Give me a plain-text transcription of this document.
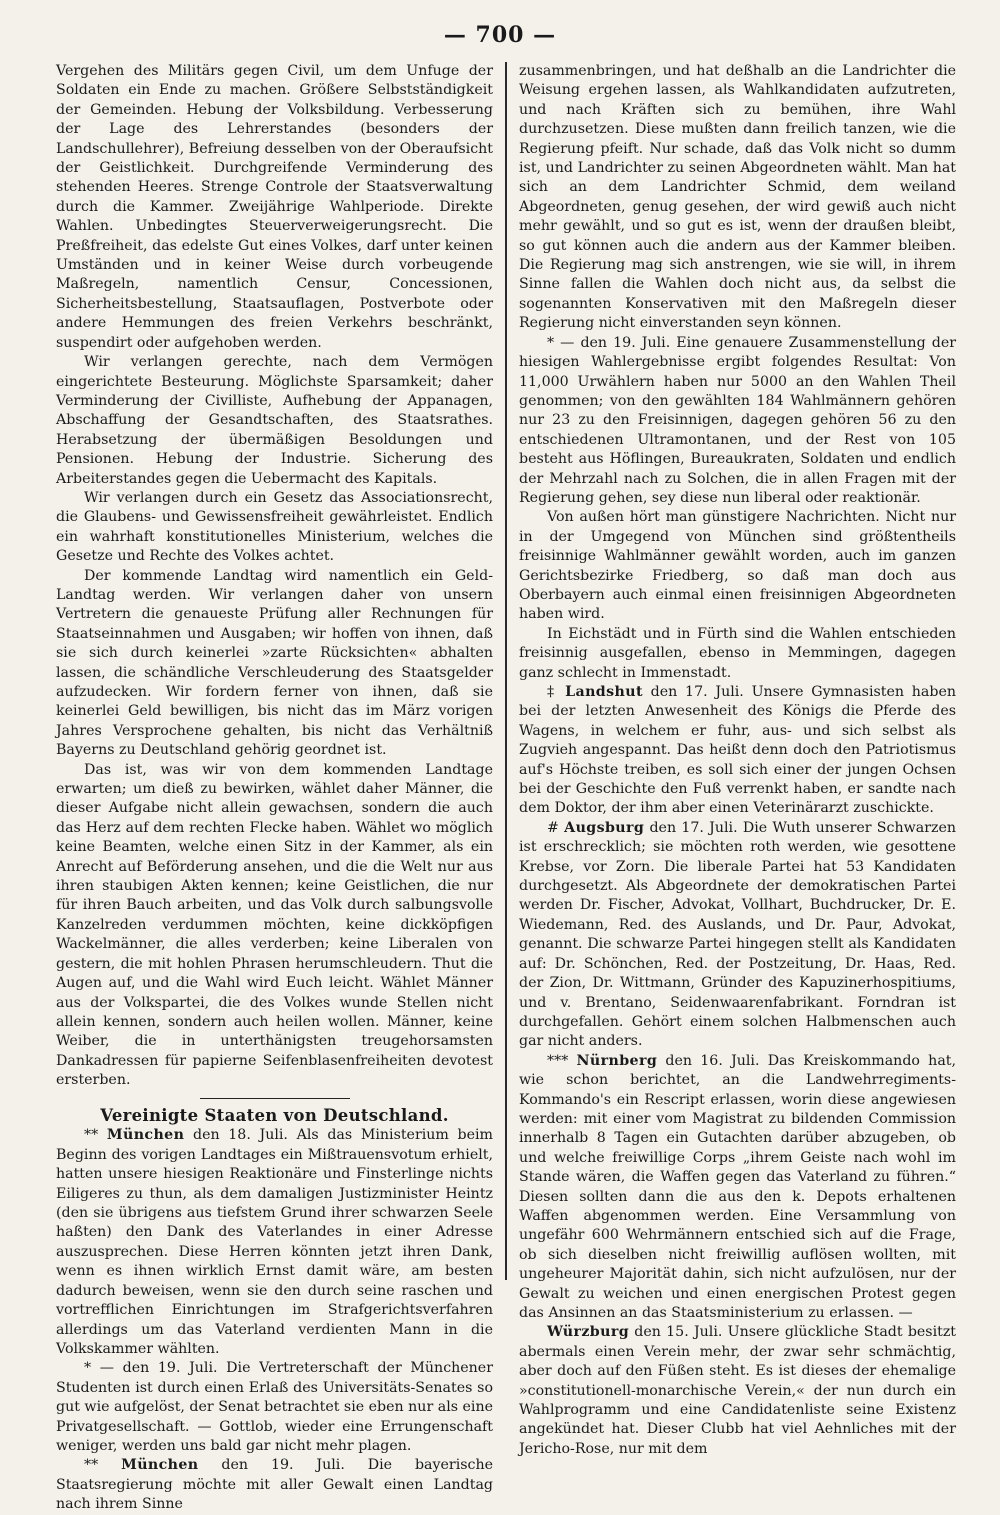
— 700 —

Vergehen des Militärs gegen Civil, um dem Unfuge der Soldaten ein Ende zu machen. Größere Selbstständigkeit der Gemeinden. Hebung der Volksbildung. Verbesserung der Lage des Lehrerstandes (besonders der Landschullehrer), Befreiung desselben von der Oberaufsicht der Geistlichkeit. Durchgreifende Verminderung des stehenden Heeres. Strenge Controle der Staatsverwaltung durch die Kammer. Zweijährige Wahlperiode. Direkte Wahlen. Unbedingtes Steuerverweigerungsrecht. Die Preßfreiheit, das edelste Gut eines Volkes, darf unter keinen Umständen und in keiner Weise durch vorbeugende Maßregeln, namentlich Censur, Concessionen, Sicherheitsbestellung, Staatsauflagen, Postverbote oder andere Hemmungen des freien Verkehrs beschränkt, suspendirt oder aufgehoben werden.

Wir verlangen gerechte, nach dem Vermögen eingerichtete Besteurung. Möglichste Sparsamkeit; daher Verminderung der Civilliste, Aufhebung der Appanagen, Abschaffung der Gesandtschaften, des Staatsrathes. Herabsetzung der übermäßigen Besoldungen und Pensionen. Hebung der Industrie. Sicherung des Arbeiterstandes gegen die Uebermacht des Kapitals.

Wir verlangen durch ein Gesetz das Associationsrecht, die Glaubens- und Gewissensfreiheit gewährleistet. Endlich ein wahrhaft konstitutionelles Ministerium, welches die Gesetze und Rechte des Volkes achtet.

Der kommende Landtag wird namentlich ein Geld-Landtag werden. Wir verlangen daher von unsern Vertretern die genaueste Prüfung aller Rechnungen für Staatseinnahmen und Ausgaben; wir hoffen von ihnen, daß sie sich durch keinerlei »zarte Rücksichten« abhalten lassen, die schändliche Verschleuderung des Staatsgelder aufzudecken. Wir fordern ferner von ihnen, daß sie keinerlei Geld bewilligen, bis nicht das im März vorigen Jahres Versprochene gehalten, bis nicht das Verhältniß Bayerns zu Deutschland gehörig geordnet ist.

Das ist, was wir von dem kommenden Landtage erwarten; um dieß zu bewirken, wählet daher Männer, die dieser Aufgabe nicht allein gewachsen, sondern die auch das Herz auf dem rechten Flecke haben. Wählet wo möglich keine Beamten, welche einen Sitz in der Kammer, als ein Anrecht auf Beförderung ansehen, und die die Welt nur aus ihren staubigen Akten kennen; keine Geistlichen, die nur für ihren Bauch arbeiten, und das Volk durch salbungsvolle Kanzelreden verdummen möchten, keine dickköpfigen Wackelmänner, die alles verderben; keine Liberalen von gestern, die mit hohlen Phrasen herumschleudern. Thut die Augen auf, und die Wahl wird Euch leicht. Wählet Männer aus der Volkspartei, die des Volkes wunde Stellen nicht allein kennen, sondern auch heilen wollen. Männer, keine Weiber, die in unterthänigsten treugehorsamsten Dankadressen für papierne Seifenblasenfreiheiten devotest ersterben.

Vereinigte Staaten von Deutschland.

** München den 18. Juli. Als das Ministerium beim Beginn des vorigen Landtages ein Mißtrauensvotum erhielt, hatten unsere hiesigen Reaktionäre und Finsterlinge nichts Eiligeres zu thun, als dem damaligen Justizminister Heintz (den sie übrigens aus tiefstem Grund ihrer schwarzen Seele haßten) den Dank des Vaterlandes in einer Adresse auszusprechen. Diese Herren könnten jetzt ihren Dank, wenn es ihnen wirklich Ernst damit wäre, am besten dadurch beweisen, wenn sie den durch seine raschen und vortrefflichen Einrichtungen im Strafgerichtsverfahren allerdings um das Vaterland verdienten Mann in die Volkskammer wählten.

* — den 19. Juli. Die Vertreterschaft der Münchener Studenten ist durch einen Erlaß des Universitäts-Senates so gut wie aufgelöst, der Senat betrachtet sie eben nur als eine Privatgesellschaft. — Gottlob, wieder eine Errungenschaft weniger, werden uns bald gar nicht mehr plagen.

** München den 19. Juli. Die bayerische Staatsregierung möchte mit aller Gewalt einen Landtag nach ihrem Sinne

zusammenbringen, und hat deßhalb an die Landrichter die Weisung ergehen lassen, als Wahlkandidaten aufzutreten, und nach Kräften sich zu bemühen, ihre Wahl durchzusetzen. Diese mußten dann freilich tanzen, wie die Regierung pfeift. Nur schade, daß das Volk nicht so dumm ist, und Landrichter zu seinen Abgeordneten wählt. Man hat sich an dem Landrichter Schmid, dem weiland Abgeordneten, genug gesehen, der wird gewiß auch nicht mehr gewählt, und so gut es ist, wenn der draußen bleibt, so gut können auch die andern aus der Kammer bleiben. Die Regierung mag sich anstrengen, wie sie will, in ihrem Sinne fallen die Wahlen doch nicht aus, da selbst die sogenannten Konservativen mit den Maßregeln dieser Regierung nicht einverstanden seyn können.

* — den 19. Juli. Eine genauere Zusammenstellung der hiesigen Wahlergebnisse ergibt folgendes Resultat: Von 11,000 Urwählern haben nur 5000 an den Wahlen Theil genommen; von den gewählten 184 Wahlmännern gehören nur 23 zu den Freisinnigen, dagegen gehören 56 zu den entschiedenen Ultramontanen, und der Rest von 105 besteht aus Höflingen, Bureaukraten, Soldaten und endlich der Mehrzahl nach zu Solchen, die in allen Fragen mit der Regierung gehen, sey diese nun liberal oder reaktionär.

Von außen hört man günstigere Nachrichten. Nicht nur in der Umgegend von München sind größtentheils freisinnige Wahlmänner gewählt worden, auch im ganzen Gerichtsbezirke Friedberg, so daß man doch aus Oberbayern auch einmal einen freisinnigen Abgeordneten haben wird.

In Eichstädt und in Fürth sind die Wahlen entschieden freisinnig ausgefallen, ebenso in Memmingen, dagegen ganz schlecht in Immenstadt.

‡ Landshut den 17. Juli. Unsere Gymnasisten haben bei der letzten Anwesenheit des Königs die Pferde des Wagens, in welchem er fuhr, aus- und sich selbst als Zugvieh angespannt. Das heißt denn doch den Patriotismus auf's Höchste treiben, es soll sich einer der jungen Ochsen bei der Geschichte den Fuß verrenkt haben, er sandte nach dem Doktor, der ihm aber einen Veterinärarzt zuschickte.

# Augsburg den 17. Juli. Die Wuth unserer Schwarzen ist erschrecklich; sie möchten roth werden, wie gesottene Krebse, vor Zorn. Die liberale Partei hat 53 Kandidaten durchgesetzt. Als Abgeordnete der demokratischen Partei werden Dr. Fischer, Advokat, Vollhart, Buchdrucker, Dr. E. Wiedemann, Red. des Auslands, und Dr. Paur, Advokat, genannt. Die schwarze Partei hingegen stellt als Kandidaten auf: Dr. Schönchen, Red. der Postzeitung, Dr. Haas, Red. der Zion, Dr. Wittmann, Gründer des Kapuzinerhospitiums, und v. Brentano, Seidenwaarenfabrikant. Forndran ist durchgefallen. Gehört einem solchen Halbmenschen auch gar nicht anders.

*** Nürnberg den 16. Juli. Das Kreiskommando hat, wie schon berichtet, an die Landwehrregiments-Kommando's ein Rescript erlassen, worin diese angewiesen werden: mit einer vom Magistrat zu bildenden Commission innerhalb 8 Tagen ein Gutachten darüber abzugeben, ob und welche freiwillige Corps „ihrem Geiste nach wohl im Stande wären, die Waffen gegen das Vaterland zu führen.“ Diesen sollten dann die aus den k. Depots erhaltenen Waffen abgenommen werden. Eine Versammlung von ungefähr 600 Wehrmännern entschied sich auf die Frage, ob sich dieselben nicht freiwillig auflösen wollten, mit ungeheurer Majorität dahin, sich nicht aufzulösen, nur der Gewalt zu weichen und einen energischen Protest gegen das Ansinnen an das Staatsministerium zu erlassen. —

Würzburg den 15. Juli. Unsere glückliche Stadt besitzt abermals einen Verein mehr, der zwar sehr schmächtig, aber doch auf den Füßen steht. Es ist dieses der ehemalige »constitutionell-monarchische Verein,« der nun durch ein Wahlprogramm und eine Candidatenliste seine Existenz angekündet hat. Dieser Clubb hat viel Aehnliches mit der Jericho-Rose, nur mit dem
